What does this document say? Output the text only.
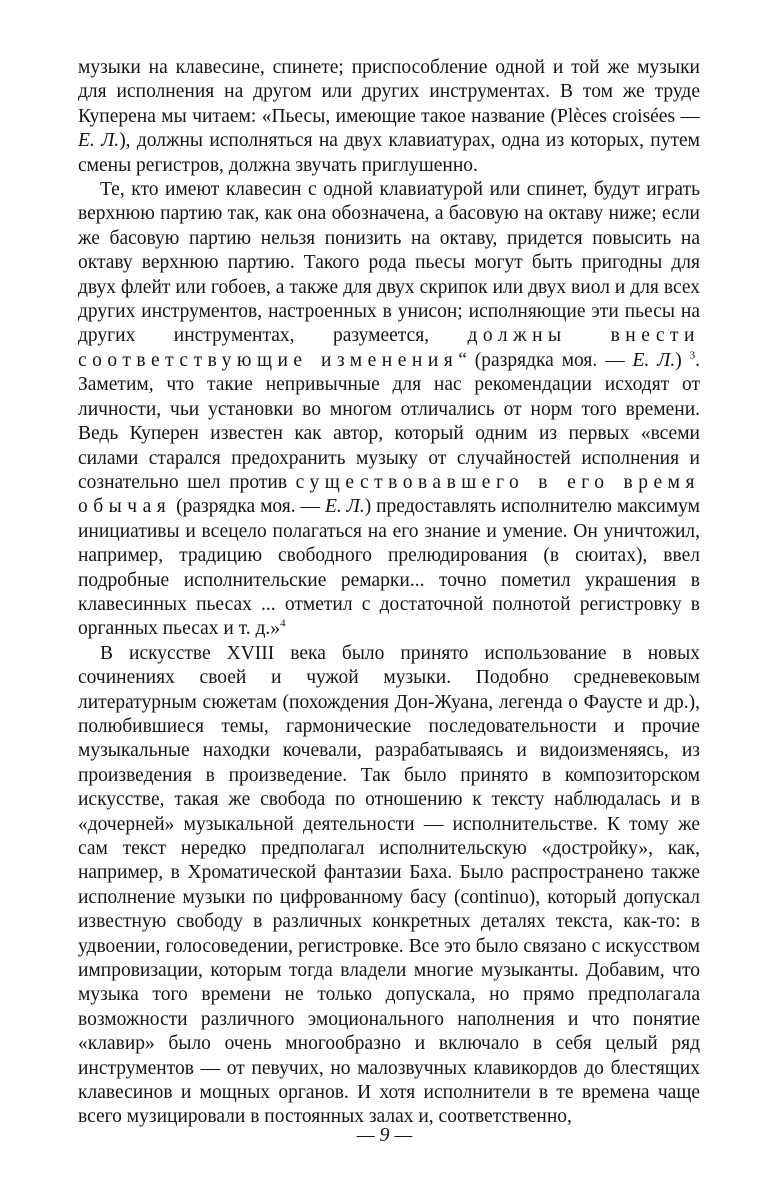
музыки на клавесине, спинете; приспособление одной и той же музыки для исполнения на другом или других инструментах. В том же труде Куперена мы читаем: «Пьесы, имеющие такое название (Plèces croisées — Е. Л.), должны исполняться на двух клавиатурах, одна из которых, путем смены регистров, должна звучать приглушенно.

Те, кто имеют клавесин с одной клавиатурой или спинет, будут играть верхнюю партию так, как она обозначена, а басовую на октаву ниже; если же басовую партию нельзя понизить на октаву, придется повысить на октаву верхнюю партию. Такого рода пьесы могут быть пригодны для двух флейт или гобоев, а также для двух скрипок или двух виол и для всех других инструментов, настроенных в унисон; исполняющие эти пьесы на других инструментах, разумеется, должны внести соответствующие изменения“ (разрядка моя. — Е. Л.) $^3$. Заметим, что такие непривычные для нас рекомендации исходят от личности, чьи установки во многом отличались от норм того времени. Ведь Куперен известен как автор, который одним из первых «всеми силами старался предохранить музыку от случайностей исполнения и сознательно шел против существовавшего в его время обычая (разрядка моя. — Е. Л.) предоставлять исполнителю максимум инициативы и всецело полагаться на его знание и умение. Он уничтожил, например, традицию свободного прелюдирования (в сюитах), ввел подробные исполнительские ремарки... точно пометил украшения в клавесинных пьесах ... отметил с достаточной полнотой регистровку в органных пьесах и т. д.»$^4$

В искусстве XVIII века было принято использование в новых сочинениях своей и чужой музыки. Подобно средневековым литературным сюжетам (похождения Дон-Жуана, легенда о Фаусте и др.), полюбившиеся темы, гармонические последовательности и прочие музыкальные находки кочевали, разрабатываясь и видоизменяясь, из произведения в произведение. Так было принято в композиторском искусстве, такая же свобода по отношению к тексту наблюдалась и в «дочерней» музыкальной деятельности — исполнительстве. К тому же сам текст нередко предполагал исполнительскую «достройку», как, например, в Хроматической фантазии Баха. Было распространено также исполнение музыки по цифрованному басу (continuo), который допускал известную свободу в различных конкретных деталях текста, как-то: в удвоении, голосоведении, регистровке. Все это было связано с искусством импровизации, которым тогда владели многие музыканты. Добавим, что музыка того времени не только допускала, но прямо предполагала возможности различного эмоционального наполнения и что понятие «клавир» было очень многообразно и включало в себя целый ряд инструментов — от певучих, но малозвучных клавикордов до блестящих клавесинов и мощных органов. И хотя исполнители в те времена чаще всего музицировали в постоянных залах и, соответственно,

— 9 —
